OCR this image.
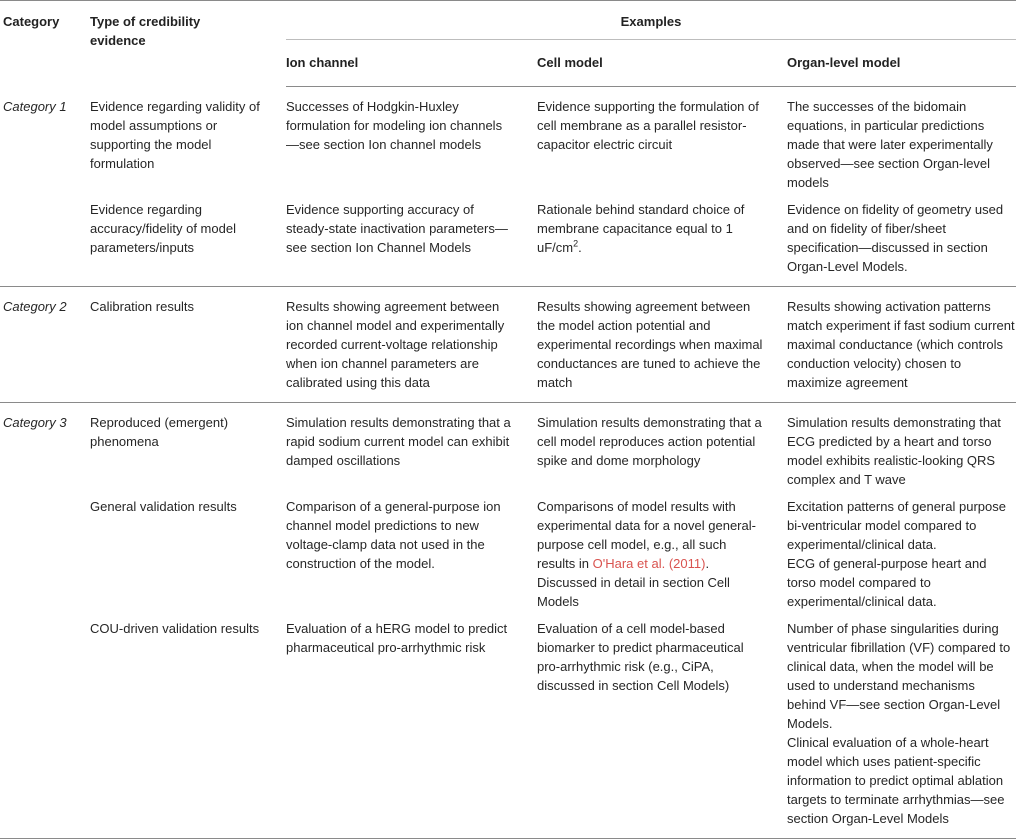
Category	Type of credibility evidence	Examples		
		Ion channel	Cell model	Organ-level model
Category 1	Evidence regarding validity of model assumptions or supporting the model formulation	Successes of Hodgkin-Huxley formulation for modeling ion channels—see section Ion channel models	Evidence supporting the formulation of cell membrane as a parallel resistor-capacitor electric circuit	The successes of the bidomain equations, in particular predictions made that were later experimentally observed—see section Organ-level models
	Evidence regarding accuracy/fidelity of model parameters/inputs	Evidence supporting accuracy of steady-state inactivation parameters—see section Ion Channel Models	Rationale behind standard choice of membrane capacitance equal to 1 $uF/cm^2$.	Evidence on fidelity of geometry used and on fidelity of fiber/sheet specification—discussed in section Organ-Level Models.
Category 2	Calibration results	Results showing agreement between ion channel model and experimentally recorded current-voltage relationship when ion channel parameters are calibrated using this data	Results showing agreement between the model action potential and experimental recordings when maximal conductances are tuned to achieve the match	Results showing activation patterns match experiment if fast sodium current maximal conductance (which controls conduction velocity) chosen to maximize agreement
Category 3	Reproduced (emergent) phenomena	Simulation results demonstrating that a rapid sodium current model can exhibit damped oscillations	Simulation results demonstrating that a cell model reproduces action potential spike and dome morphology	Simulation results demonstrating that ECG predicted by a heart and torso model exhibits realistic-looking QRS complex and T wave
	General validation results	Comparison of a general-purpose ion channel model predictions to new voltage-clamp data not used in the construction of the model.	Comparisons of model results with experimental data for a novel general-purpose cell model, e.g., all such results in O'Hara et al. (2011). Discussed in detail in section Cell Models	Excitation patterns of general purpose bi-ventricular model compared to experimental/clinical data.
ECG of general-purpose heart and torso model compared to experimental/clinical data.

	COU-driven validation results	Evaluation of a hERG model to predict pharmaceutical pro-arrhythmic risk	Evaluation of a cell model-based biomarker to predict pharmaceutical pro-arrhythmic risk (e.g., CiPA, discussed in section Cell Models)	Number of phase singularities during ventricular fibrillation (VF) compared to clinical data, when the model will be used to understand mechanisms behind VF—see section Organ-Level Models.
Clinical evaluation of a whole-heart model which uses patient-specific information to predict optimal ablation targets to terminate arrhythmias—see section Organ-Level Models
